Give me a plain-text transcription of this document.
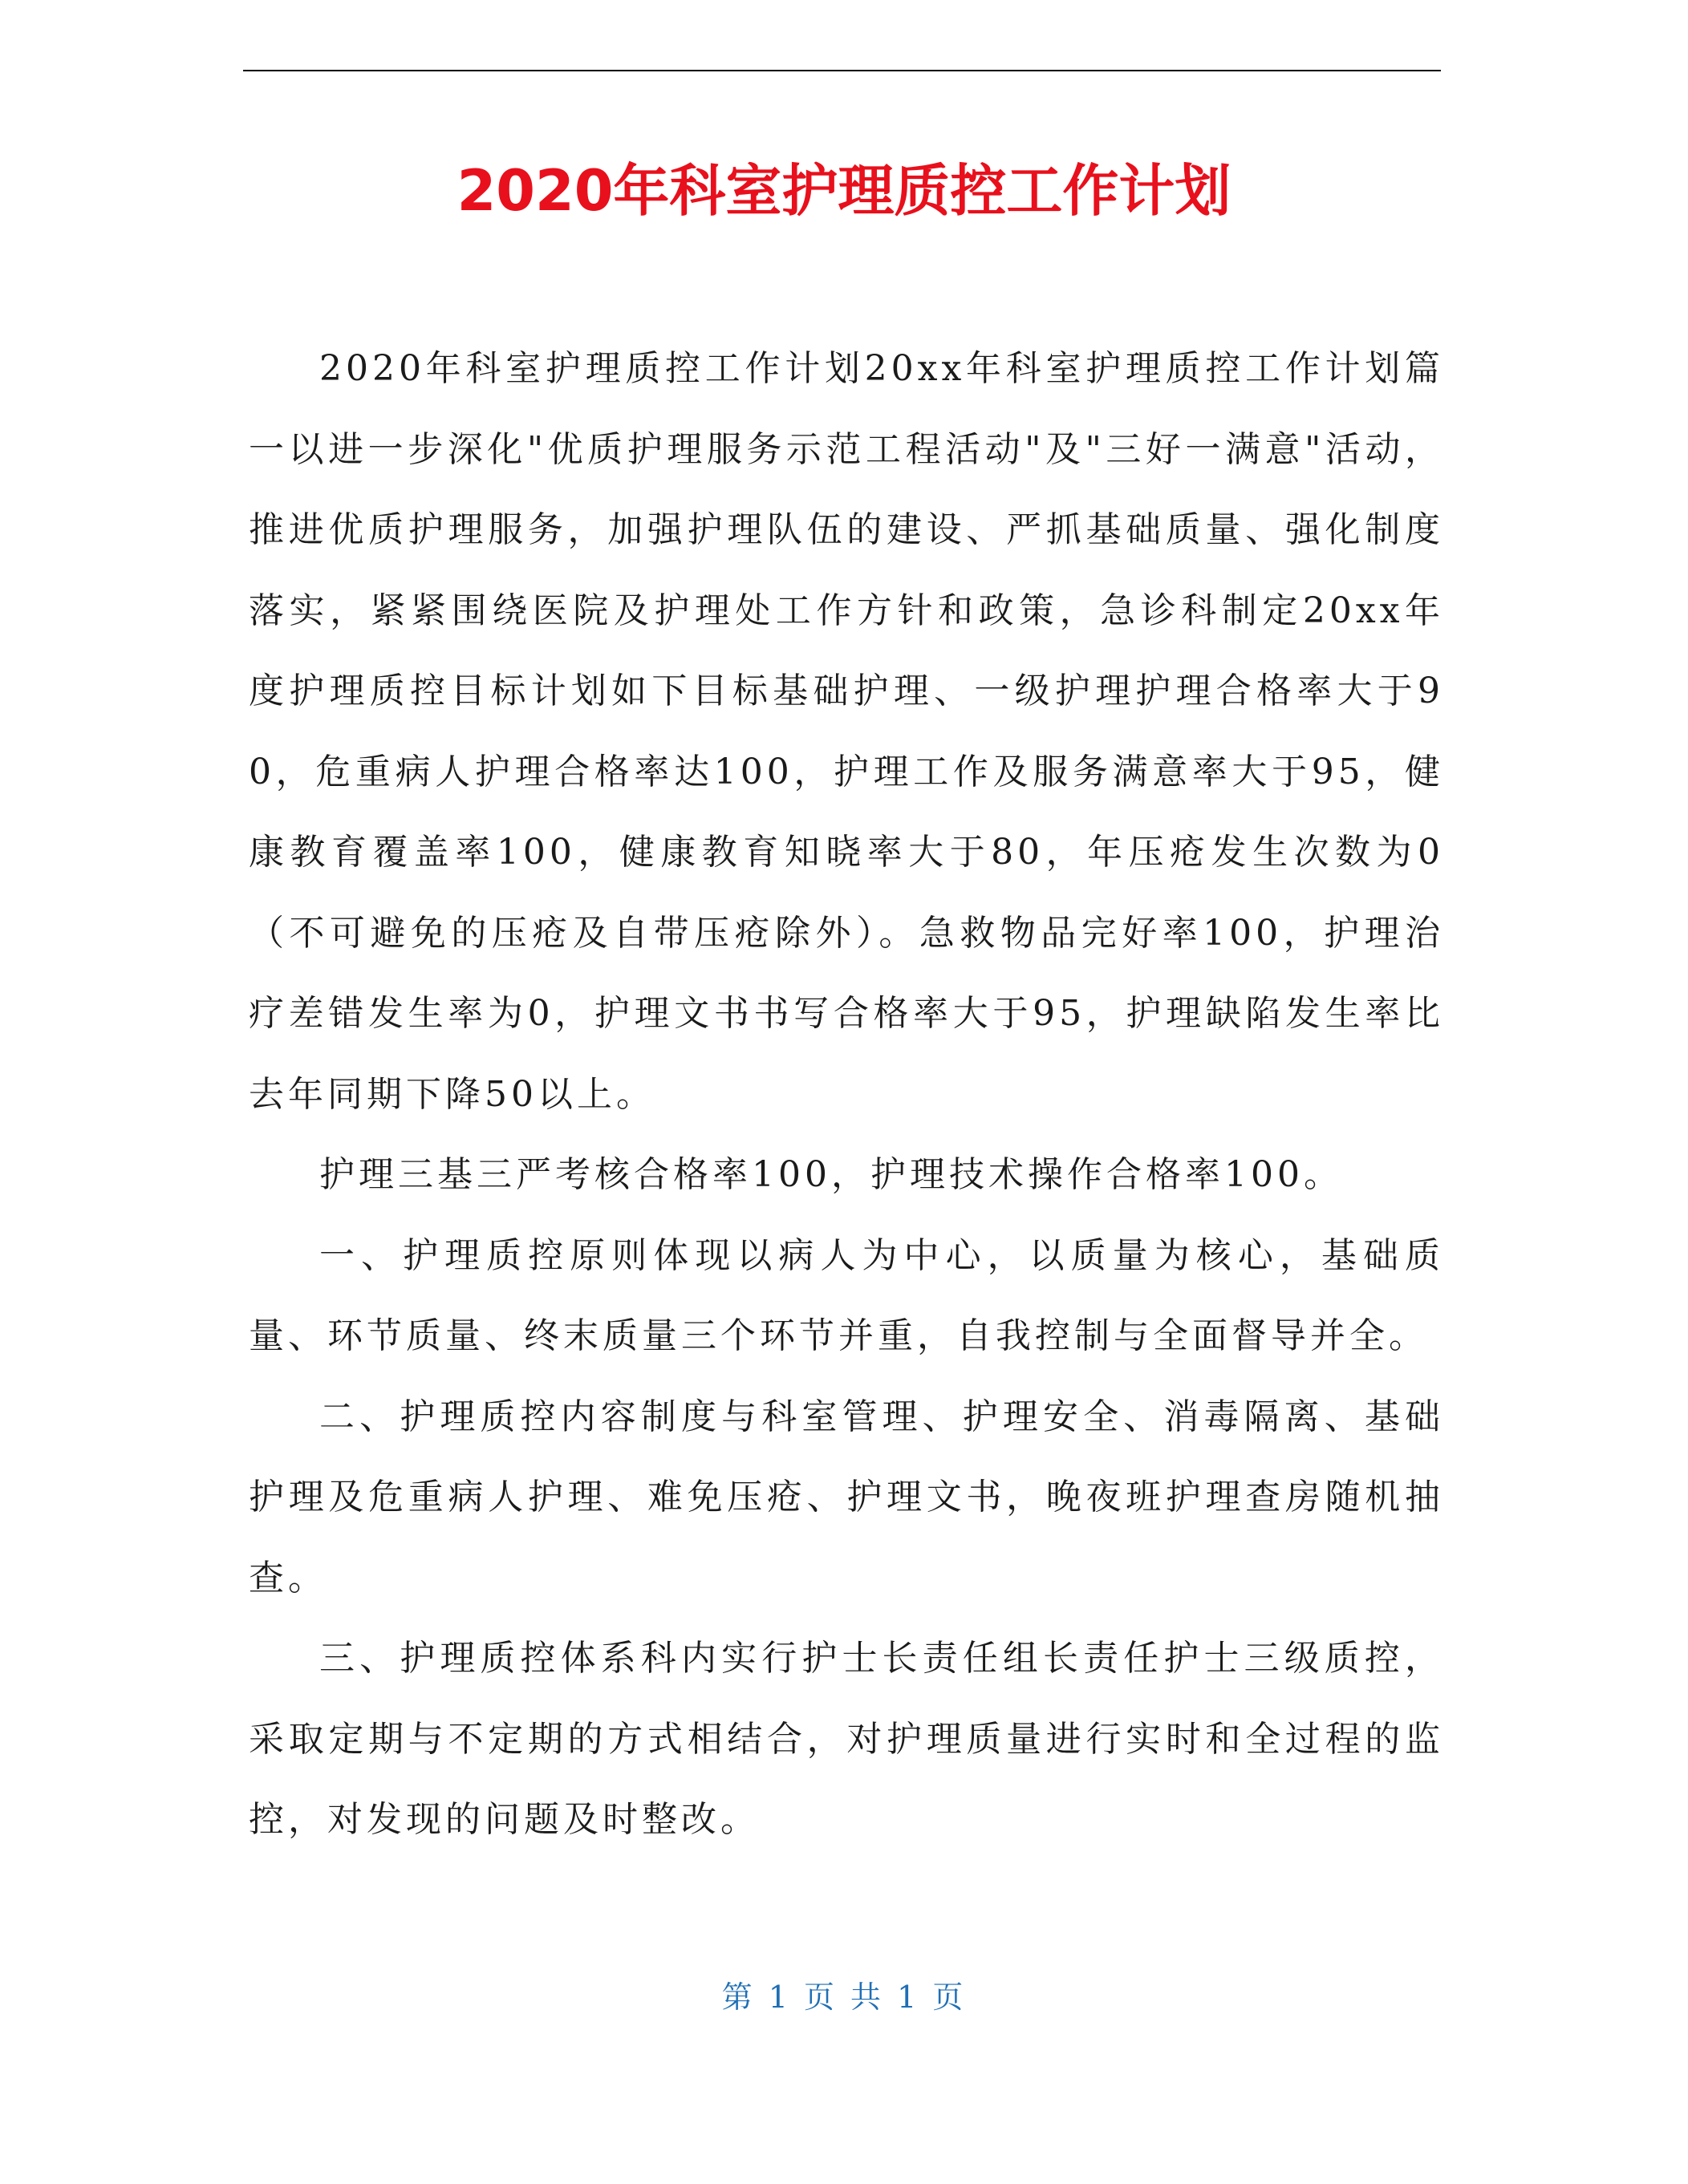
2020年科室护理质控工作计划

2020年科室护理质控工作计划20xx年科室护理质控工作计划篇一以进一步深化"优质护理服务示范工程活动"及"三好一满意"活动，推进优质护理服务，加强护理队伍的建设、严抓基础质量、强化制度落实，紧紧围绕医院及护理处工作方针和政策，急诊科制定20xx年度护理质控目标计划如下目标基础护理、一级护理护理合格率大于90，危重病人护理合格率达100，护理工作及服务满意率大于95，健康教育覆盖率100，健康教育知晓率大于80，年压疮发生次数为0（不可避免的压疮及自带压疮除外）。急救物品完好率100，护理治疗差错发生率为0，护理文书书写合格率大于95，护理缺陷发生率比去年同期下降50以上。

护理三基三严考核合格率100，护理技术操作合格率100。

一、护理质控原则体现以病人为中心，以质量为核心，基础质量、环节质量、终末质量三个环节并重，自我控制与全面督导并全。

二、护理质控内容制度与科室管理、护理安全、消毒隔离、基础护理及危重病人护理、难免压疮、护理文书，晚夜班护理查房随机抽查。

三、护理质控体系科内实行护士长责任组长责任护士三级质控，采取定期与不定期的方式相结合，对护理质量进行实时和全过程的监控，对发现的问题及时整改。

第 1 页 共 1 页
